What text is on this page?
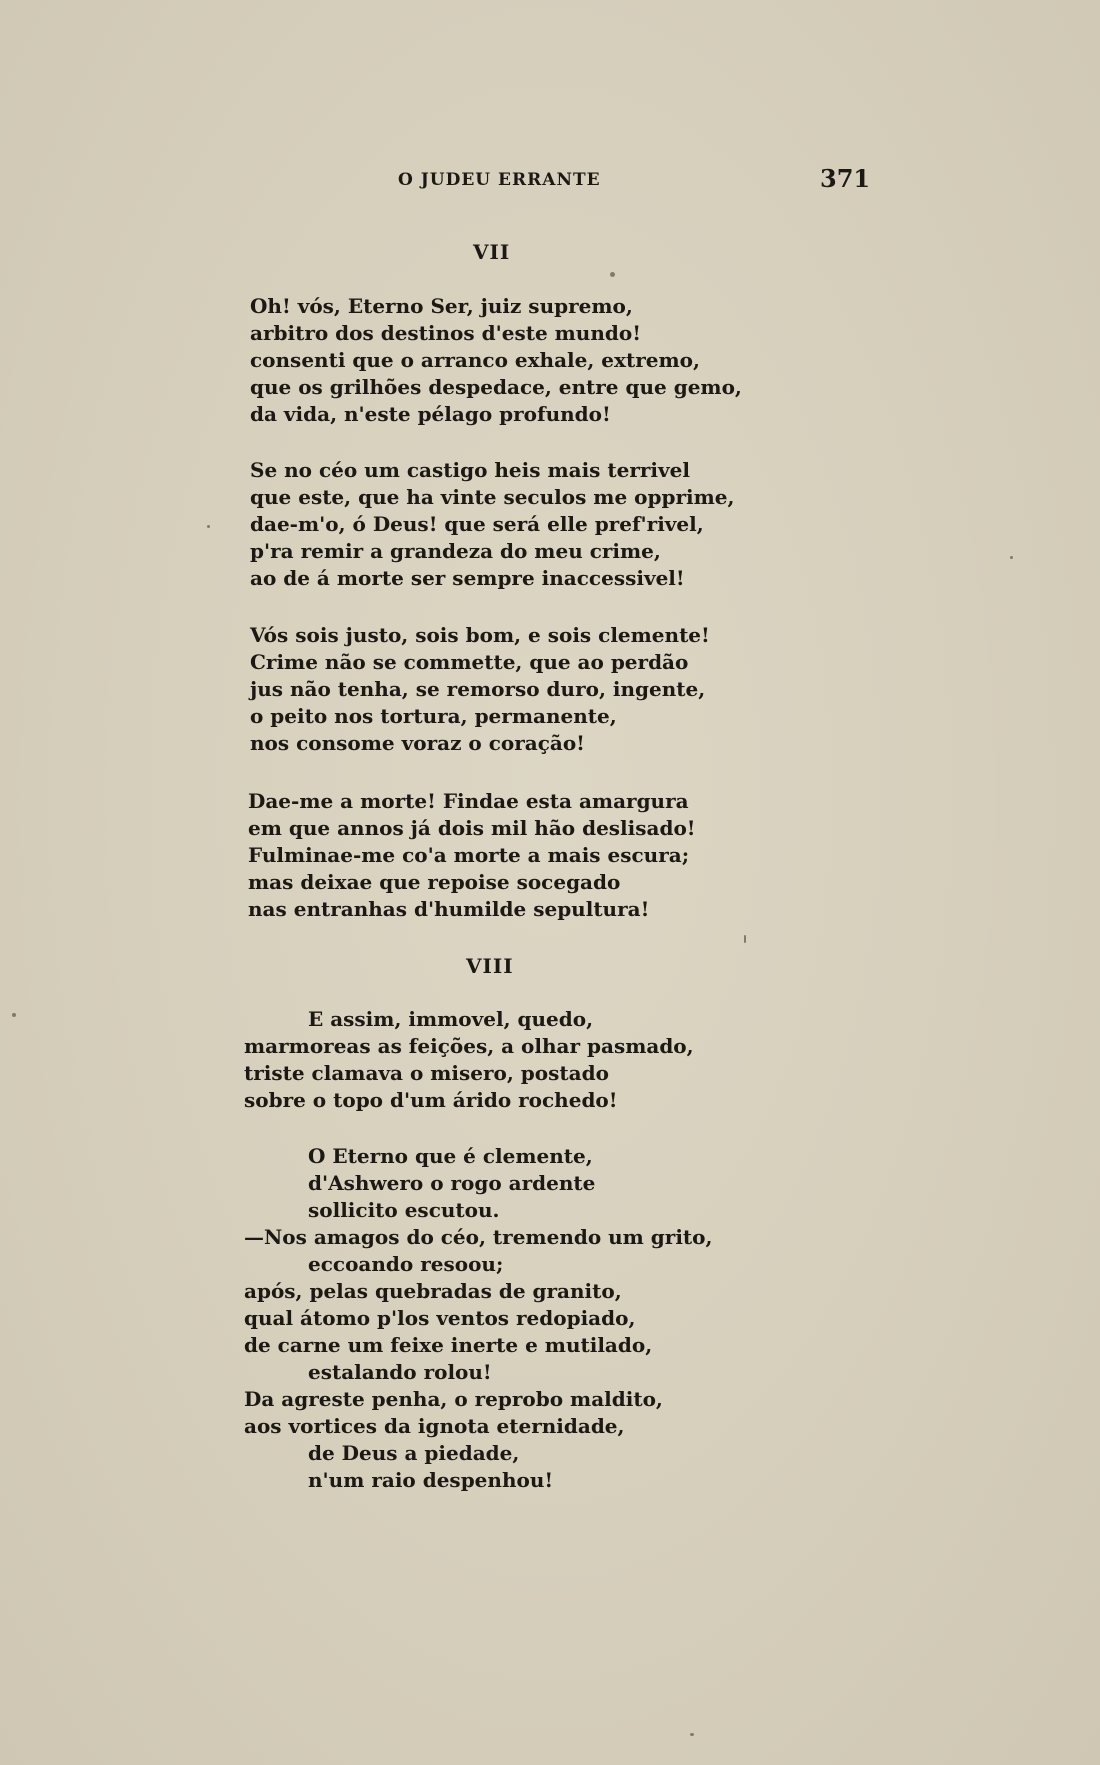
O JUDEU ERRANTE	371
VII
Oh! vós, Eterno Ser, juiz supremo,
arbitro dos destinos d'este mundo!
consenti que o arranco exhale, extremo,
que os grilhões despedace, entre que gemo,
da vida, n'este pélago profundo!
Se no céo um castigo heis mais terrivel
que este, que ha vinte seculos me opprime,
dae-m'o, ó Deus! que será elle pref'rivel,
p'ra remir a grandeza do meu crime,
ao de á morte ser sempre inaccessivel!
Vós sois justo, sois bom, e sois clemente!
Crime não se commette, que ao perdão
jus não tenha, se remorso duro, ingente,
o peito nos tortura, permanente,
nos consome voraz o coração!
Dae-me a morte! Findae esta amargura
em que annos já dois mil hão deslisado!
Fulminae-me co'a morte a mais escura;
mas deixae que repoise socegado
nas entranhas d'humilde sepultura!
VIII
E assim, immovel, quedo,
marmoreas as feições, a olhar pasmado,
triste clamava o misero, postado
sobre o topo d'um árido rochedo!
O Eterno que é clemente,
d'Ashwero o rogo ardente
sollicito escutou.
—Nos amagos do céo, tremendo um grito,
eccoando resoou;
após, pelas quebradas de granito,
qual átomo p'los ventos redopiado,
de carne um feixe inerte e mutilado,
estalando rolou!
Da agreste penha, o reprobo maldito,
aos vortices da ignota eternidade,
de Deus a piedade,
n'um raio despenhou!
